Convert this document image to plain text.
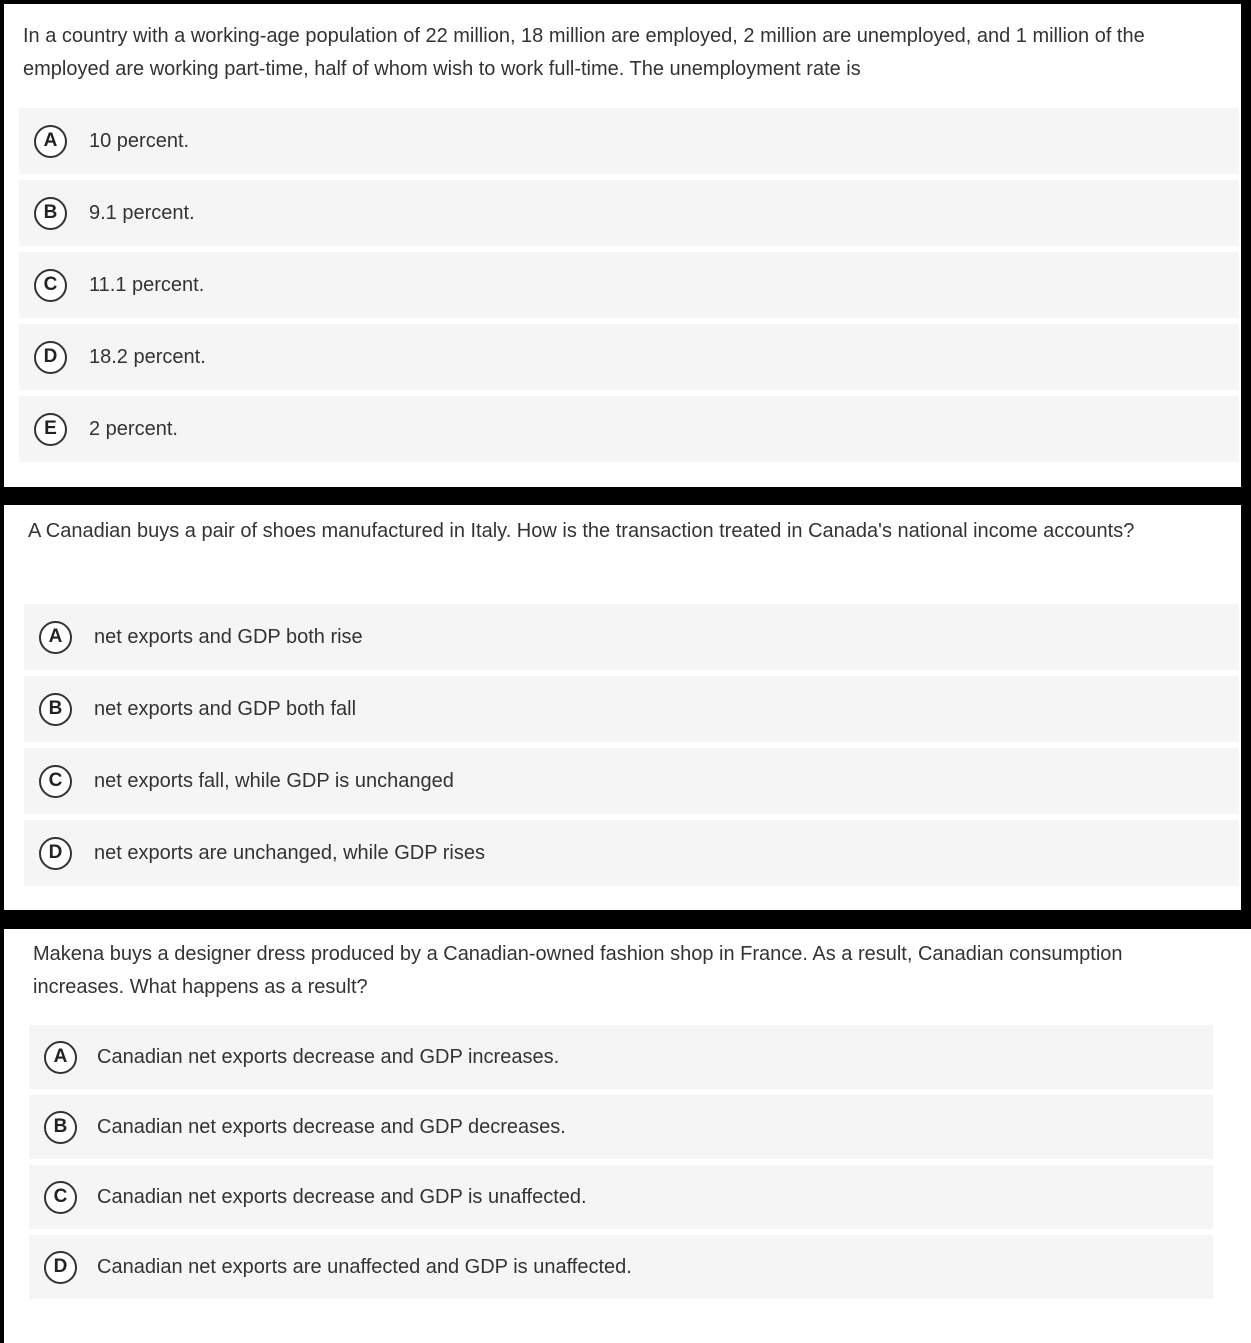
In a country with a working-age population of 22 million, 18 million are employed, 2 million are unemployed, and 1 million of the employed are working part-time, half of whom wish to work full-time. The unemployment rate is

A	10 percent.
B	9.1 percent.
C	11.1 percent.
D	18.2 percent.
E	2 percent.

A Canadian buys a pair of shoes manufactured in Italy. How is the transaction treated in Canada's national income accounts?

A	net exports and GDP both rise
B	net exports and GDP both fall
C	net exports fall, while GDP is unchanged
D	net exports are unchanged, while GDP rises

Makena buys a designer dress produced by a Canadian-owned fashion shop in France. As a result, Canadian consumption increases. What happens as a result?

A	Canadian net exports decrease and GDP increases.
B	Canadian net exports decrease and GDP decreases.
C	Canadian net exports decrease and GDP is unaffected.
D	Canadian net exports are unaffected and GDP is unaffected.
